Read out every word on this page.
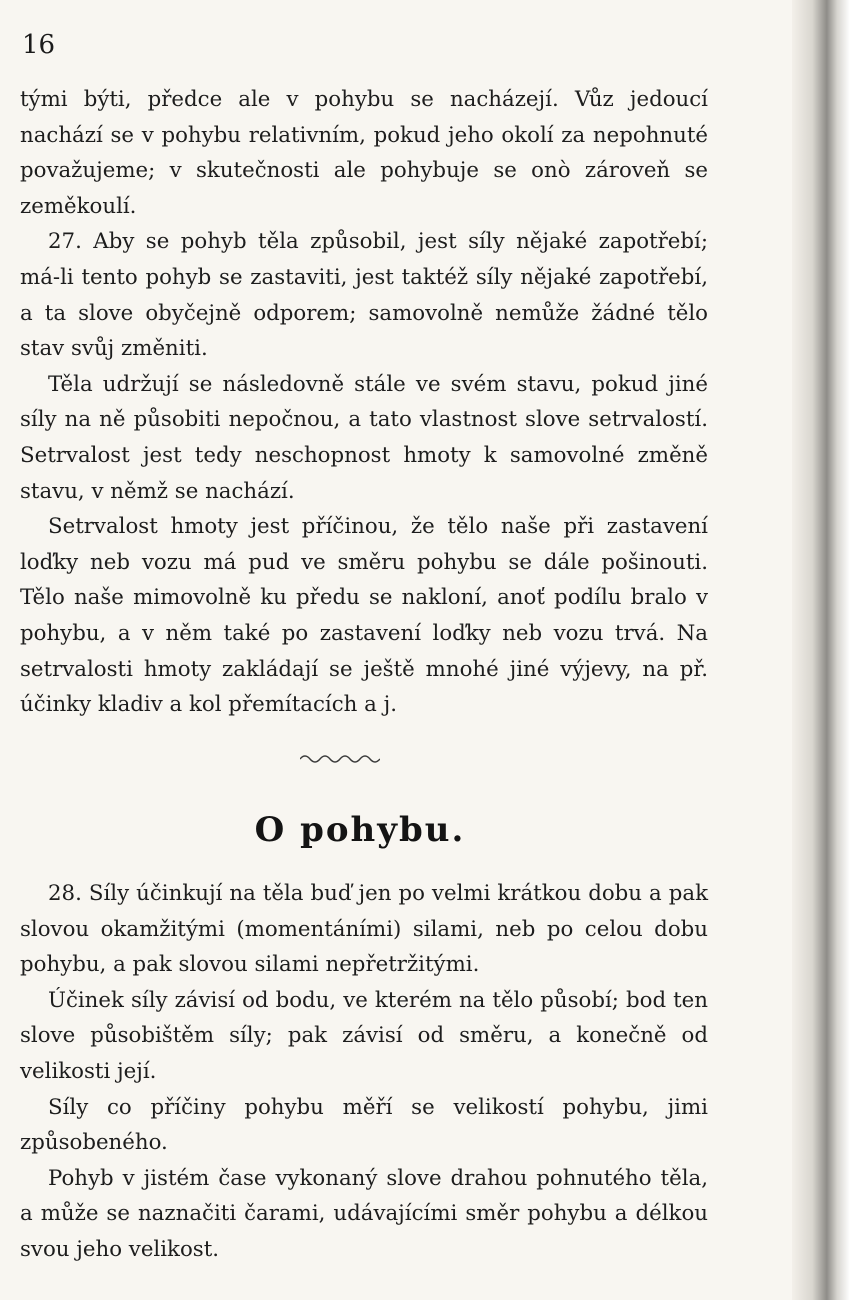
16

tými býti, předce ale v pohybu se nacházejí. Vůz jedoucí nachází se v pohybu relativním, pokud jeho okolí za nepohnuté považujeme; v skutečnosti ale pohybuje se onò zároveň se zeměkoulí.

27. Aby se pohyb těla způsobil, jest síly nějaké zapotřebí; má-li tento pohyb se zastaviti, jest taktéž síly nějaké zapotřebí, a ta slove obyčejně odporem; samovolně nemůže žádné tělo stav svůj změniti.

Těla udržují se následovně stále ve svém stavu, pokud jiné síly na ně působiti nepočnou, a tato vlastnost slove setrvalostí. Setrvalost jest tedy neschopnost hmoty k samovolné změně stavu, v němž se nachází.

Setrvalost hmoty jest příčinou, že tělo naše při zastavení loďky neb vozu má pud ve směru pohybu se dále pošinouti. Tělo naše mimovolně ku předu se nakloní, anoť podílu bralo v pohybu, a v něm také po zastavení loďky neb vozu trvá. Na setrvalosti hmoty zakládají se ještě mnohé jiné výjevy, na př. účinky kladiv a kol přemítacích a j.

O pohybu.

28. Síly účinkují na těla buď jen po velmi krátkou dobu a pak slovou okamžitými (momentáními) silami, neb po celou dobu pohybu, a pak slovou silami nepřetržitými.

Účinek síly závisí od bodu, ve kterém na tělo působí; bod ten slove působištěm síly; pak závisí od směru, a konečně od velikosti její.

Síly co příčiny pohybu měří se velikostí pohybu, jimi způsobeného.

Pohyb v jistém čase vykonaný slove drahou pohnutého těla, a může se naznačiti čarami, udávajícími směr pohybu a délkou svou jeho velikost.
